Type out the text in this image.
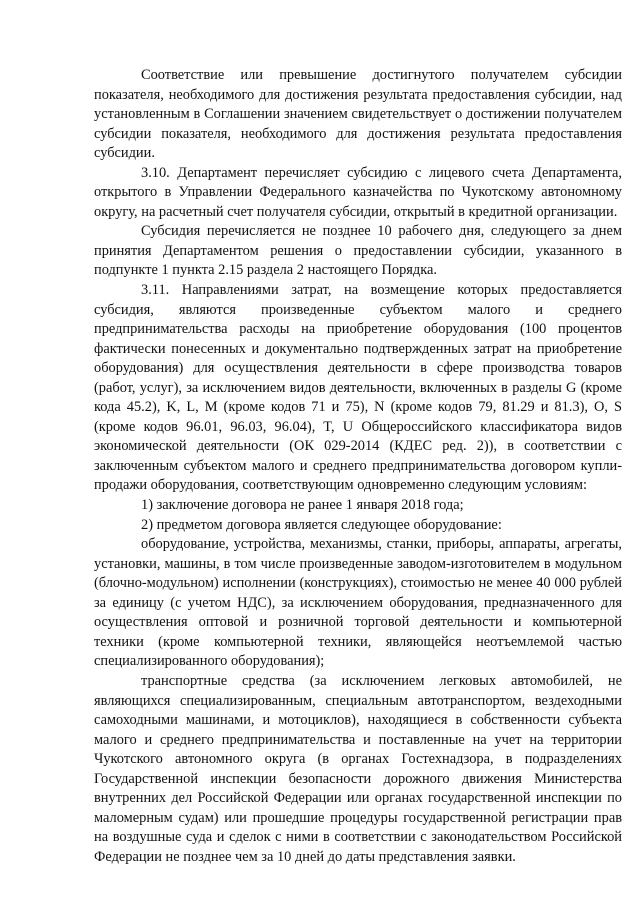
Соответствие или превышение достигнутого получателем субсидии показателя, необходимого для достижения результата предоставления субсидии, над установленным в Соглашении значением свидетельствует о достижении получателем субсидии показателя, необходимого для достижения результата предоставления субсидии.

3.10. Департамент перечисляет субсидию с лицевого счета Департамента, открытого в Управлении Федерального казначейства по Чукотскому автономному округу, на расчетный счет получателя субсидии, открытый в кредитной организации.

Субсидия перечисляется не позднее 10 рабочего дня, следующего за днем принятия Департаментом решения о предоставлении субсидии, указанного в подпункте 1 пункта 2.15 раздела 2 настоящего Порядка.

3.11. Направлениями затрат, на возмещение которых предоставляется субсидия, являются произведенные субъектом малого и среднего предпринимательства расходы на приобретение оборудования (100 процентов фактически понесенных и документально подтвержденных затрат на приобретение оборудования) для осуществления деятельности в сфере производства товаров (работ, услуг), за исключением видов деятельности, включенных в разделы G (кроме кода 45.2), K, L, M (кроме кодов 71 и 75), N (кроме кодов 79, 81.29 и 81.3), O, S (кроме кодов 96.01, 96.03, 96.04), T, U Общероссийского классификатора видов экономической деятельности (ОК 029-2014 (КДЕС ред. 2)), в соответствии с заключенным субъектом малого и среднего предпринимательства договором купли-продажи оборудования, соответствующим одновременно следующим условиям:

1) заключение договора не ранее 1 января 2018 года;

2) предметом договора является следующее оборудование:

оборудование, устройства, механизмы, станки, приборы, аппараты, агрегаты, установки, машины, в том числе произведенные заводом-изготовителем в модульном (блочно-модульном) исполнении (конструкциях), стоимостью не менее 40 000 рублей за единицу (с учетом НДС), за исключением оборудования, предназначенного для осуществления оптовой и розничной торговой деятельности и компьютерной техники (кроме компьютерной техники, являющейся неотъемлемой частью специализированного оборудования);

транспортные средства (за исключением легковых автомобилей, не являющихся специализированным, специальным автотранспортом, вездеходными самоходными машинами, и мотоциклов), находящиеся в собственности субъекта малого и среднего предпринимательства и поставленные на учет на территории Чукотского автономного округа (в органах Гостехнадзора, в подразделениях Государственной инспекции безопасности дорожного движения Министерства внутренних дел Российской Федерации или органах государственной инспекции по маломерным судам) или прошедшие процедуры государственной регистрации прав на воздушные суда и сделок с ними в соответствии с законодательством Российской Федерации не позднее чем за 10 дней до даты представления заявки.
